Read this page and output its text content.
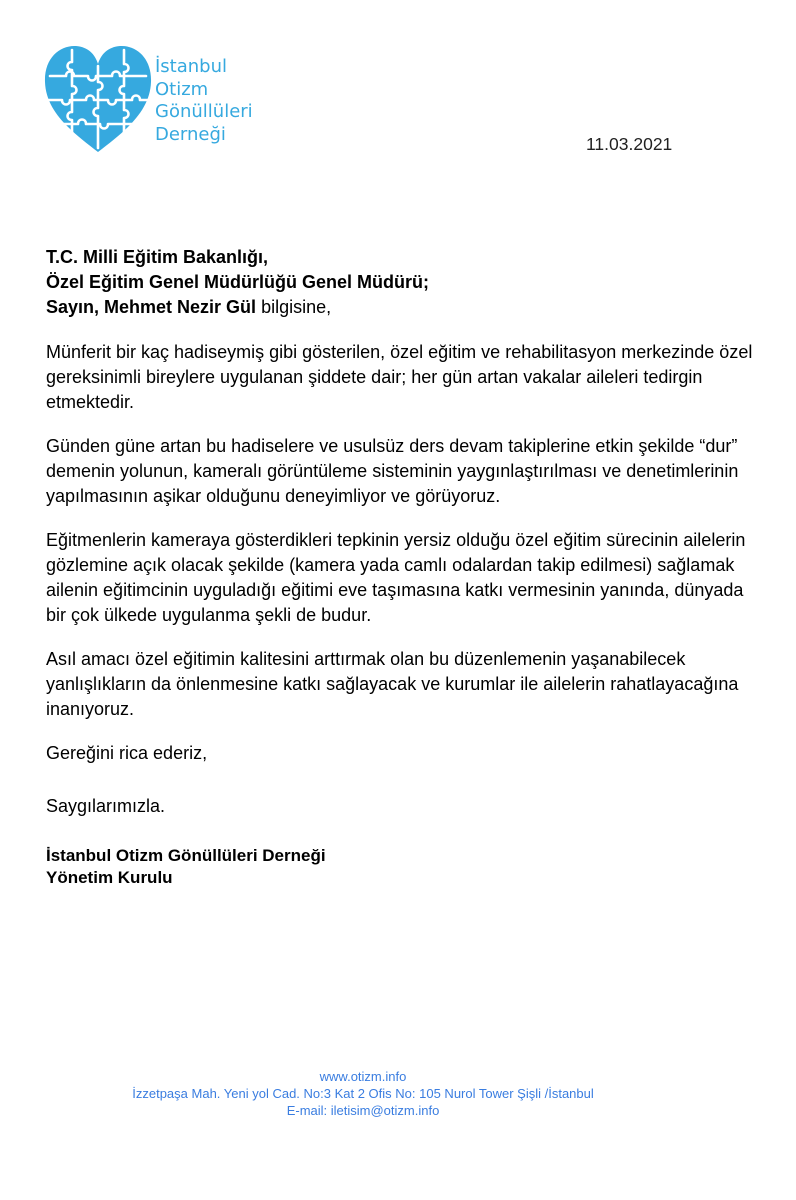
İstanbul
Otizm
Gönüllüleri
Derneği	11.03.2021

T.C. Milli Eğitim Bakanlığı,
Özel Eğitim Genel Müdürlüğü Genel Müdürü;
Sayın, Mehmet Nezir Gül bilgisine,

Münferit bir kaç hadiseymiş gibi gösterilen, özel eğitim ve rehabilitasyon merkezinde özel gereksinimli bireylere uygulanan şiddete dair; her gün artan vakalar aileleri tedirgin etmektedir.

Günden güne artan bu hadiselere ve usulsüz ders devam takiplerine etkin şekilde “dur” demenin yolunun, kameralı görüntüleme sisteminin yaygınlaştırılması ve denetimlerinin yapılmasının aşikar olduğunu deneyimliyor ve görüyoruz.

Eğitmenlerin kameraya gösterdikleri tepkinin yersiz olduğu özel eğitim sürecinin ailelerin gözlemine açık olacak şekilde (kamera yada camlı odalardan takip edilmesi) sağlamak ailenin eğitimcinin uyguladığı eğitimi eve taşımasına katkı vermesinin yanında, dünyada bir çok ülkede uygulanma şekli de budur.

Asıl amacı özel eğitimin kalitesini arttırmak olan bu düzenlemenin yaşanabilecek yanlışlıkların da önlenmesine katkı sağlayacak ve kurumlar ile ailelerin rahatlayacağına inanıyoruz.

Gereğini rica ederiz,

Saygılarımızla.

İstanbul Otizm Gönüllüleri Derneği
Yönetim Kurulu

www.otizm.info
İzzetpaşa Mah. Yeni yol Cad. No:3 Kat 2 Ofis No: 105 Nurol Tower Şişli /İstanbul
E-mail: iletisim@otizm.info
